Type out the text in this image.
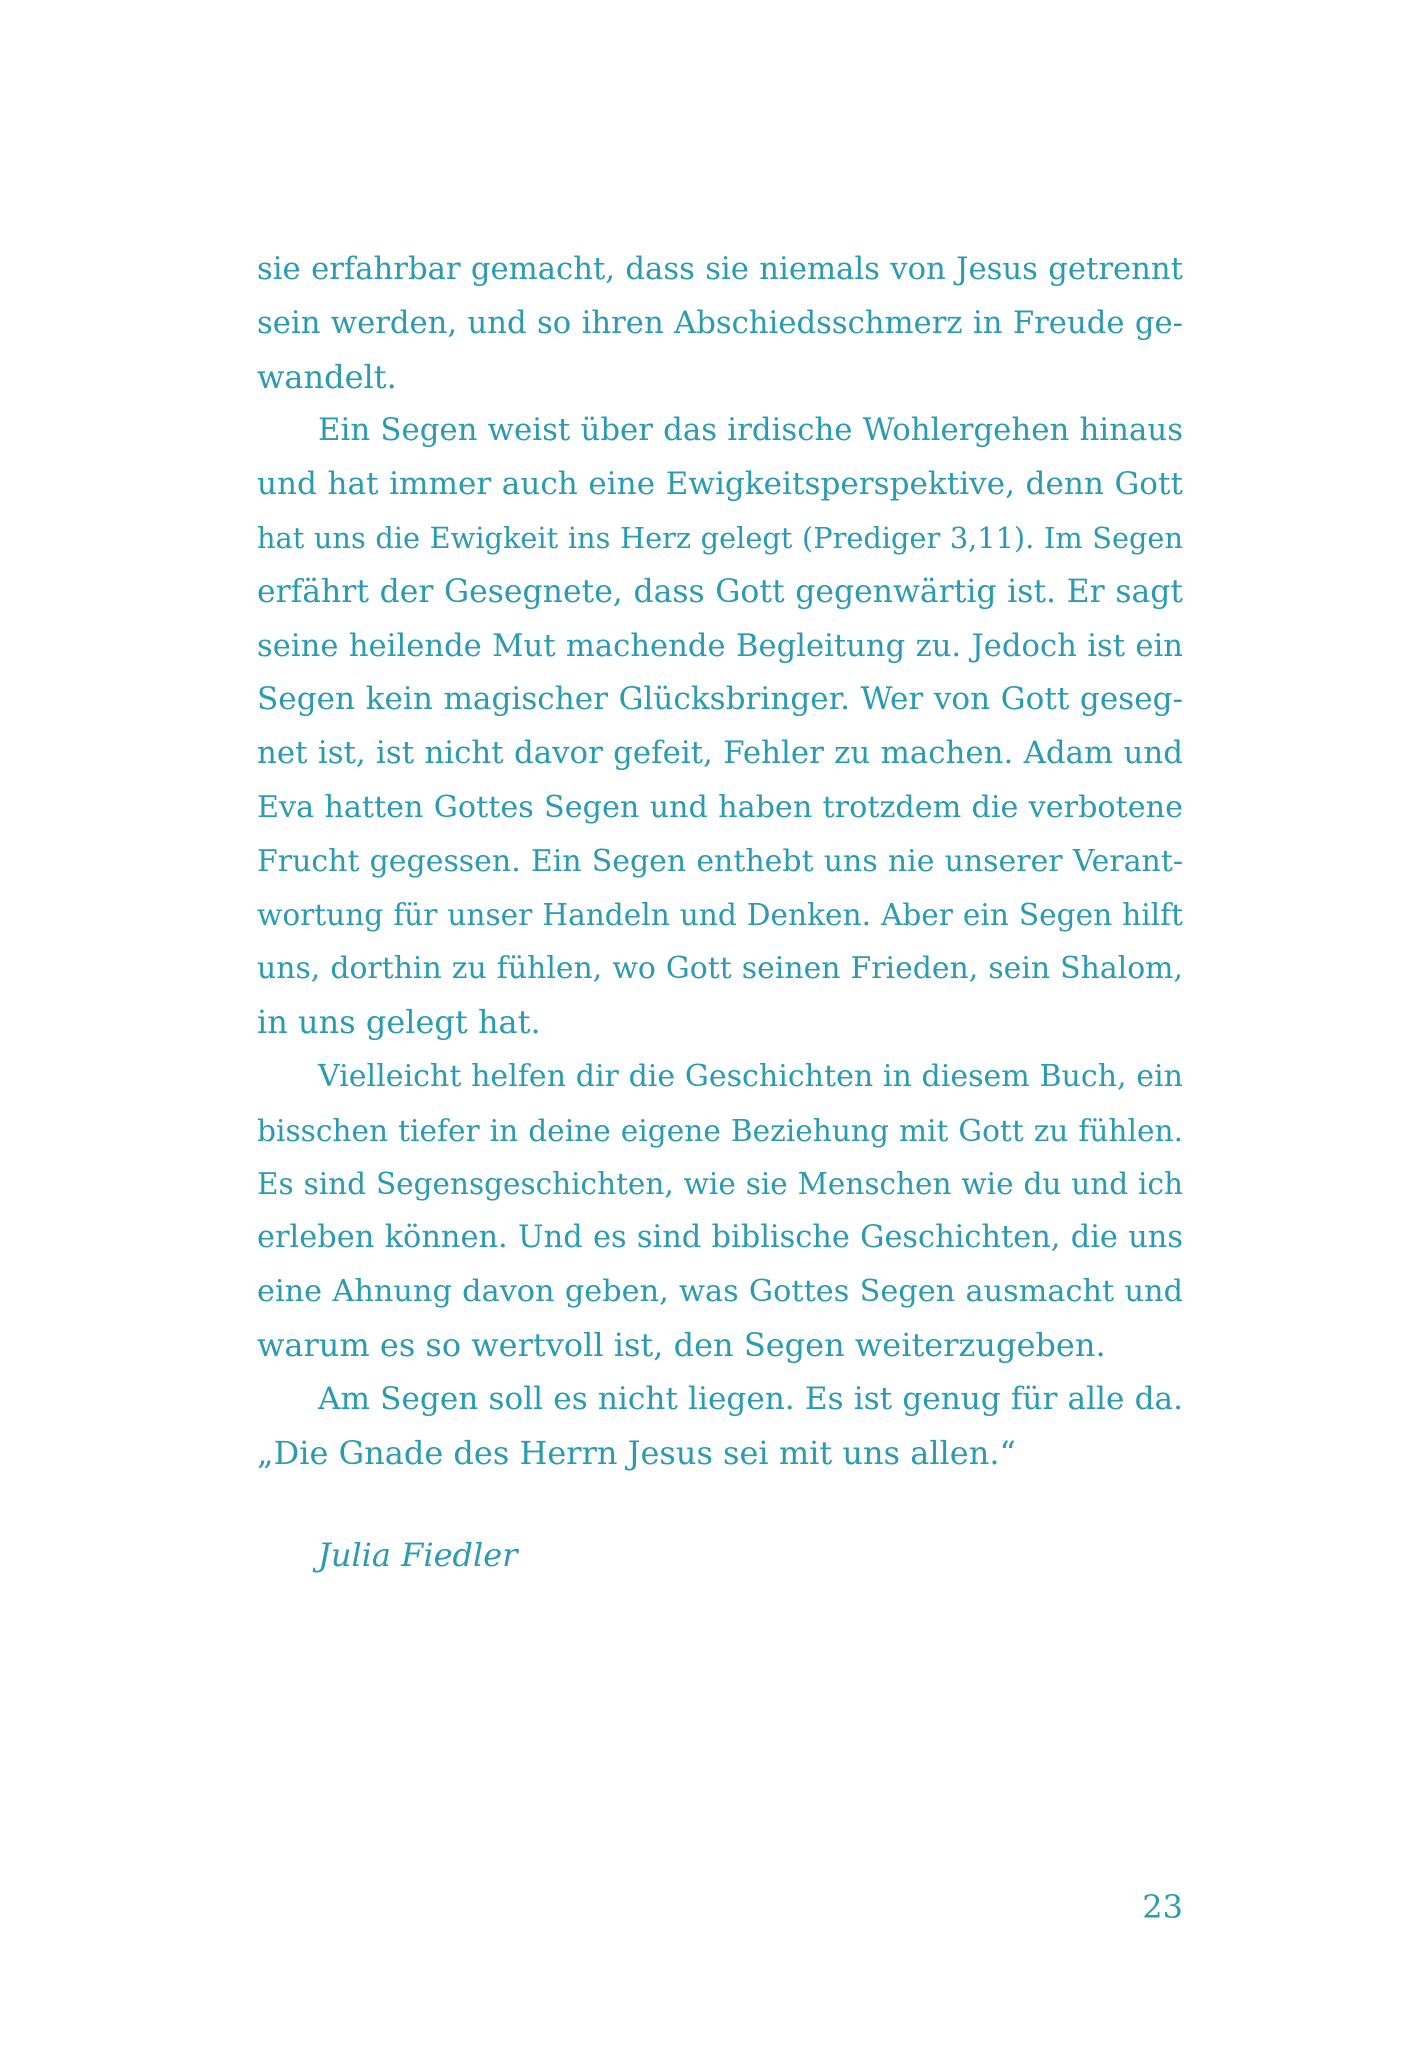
sie erfahrbar gemacht, dass sie niemals von Jesus getrennt
sein werden, und so ihren Abschiedsschmerz in Freude ge-
wandelt.
Ein Segen weist über das irdische Wohlergehen hinaus
und hat immer auch eine Ewigkeitsperspektive, denn Gott
hat uns die Ewigkeit ins Herz gelegt (Prediger 3,11). Im Segen
erfährt der Gesegnete, dass Gott gegenwärtig ist. Er sagt
seine heilende Mut machende Begleitung zu. Jedoch ist ein
Segen kein magischer Glücksbringer. Wer von Gott geseg-
net ist, ist nicht davor gefeit, Fehler zu machen. Adam und
Eva hatten Gottes Segen und haben trotzdem die verbotene
Frucht gegessen. Ein Segen enthebt uns nie unserer Verant-
wortung für unser Handeln und Denken. Aber ein Segen hilft
uns, dorthin zu fühlen, wo Gott seinen Frieden, sein Shalom,
in uns gelegt hat.
Vielleicht helfen dir die Geschichten in diesem Buch, ein
bisschen tiefer in deine eigene Beziehung mit Gott zu fühlen.
Es sind Segensgeschichten, wie sie Menschen wie du und ich
erleben können. Und es sind biblische Geschichten, die uns
eine Ahnung davon geben, was Gottes Segen ausmacht und
warum es so wertvoll ist, den Segen weiterzugeben.
Am Segen soll es nicht liegen. Es ist genug für alle da.
„Die Gnade des Herrn Jesus sei mit uns allen.“
Julia Fiedler
23
